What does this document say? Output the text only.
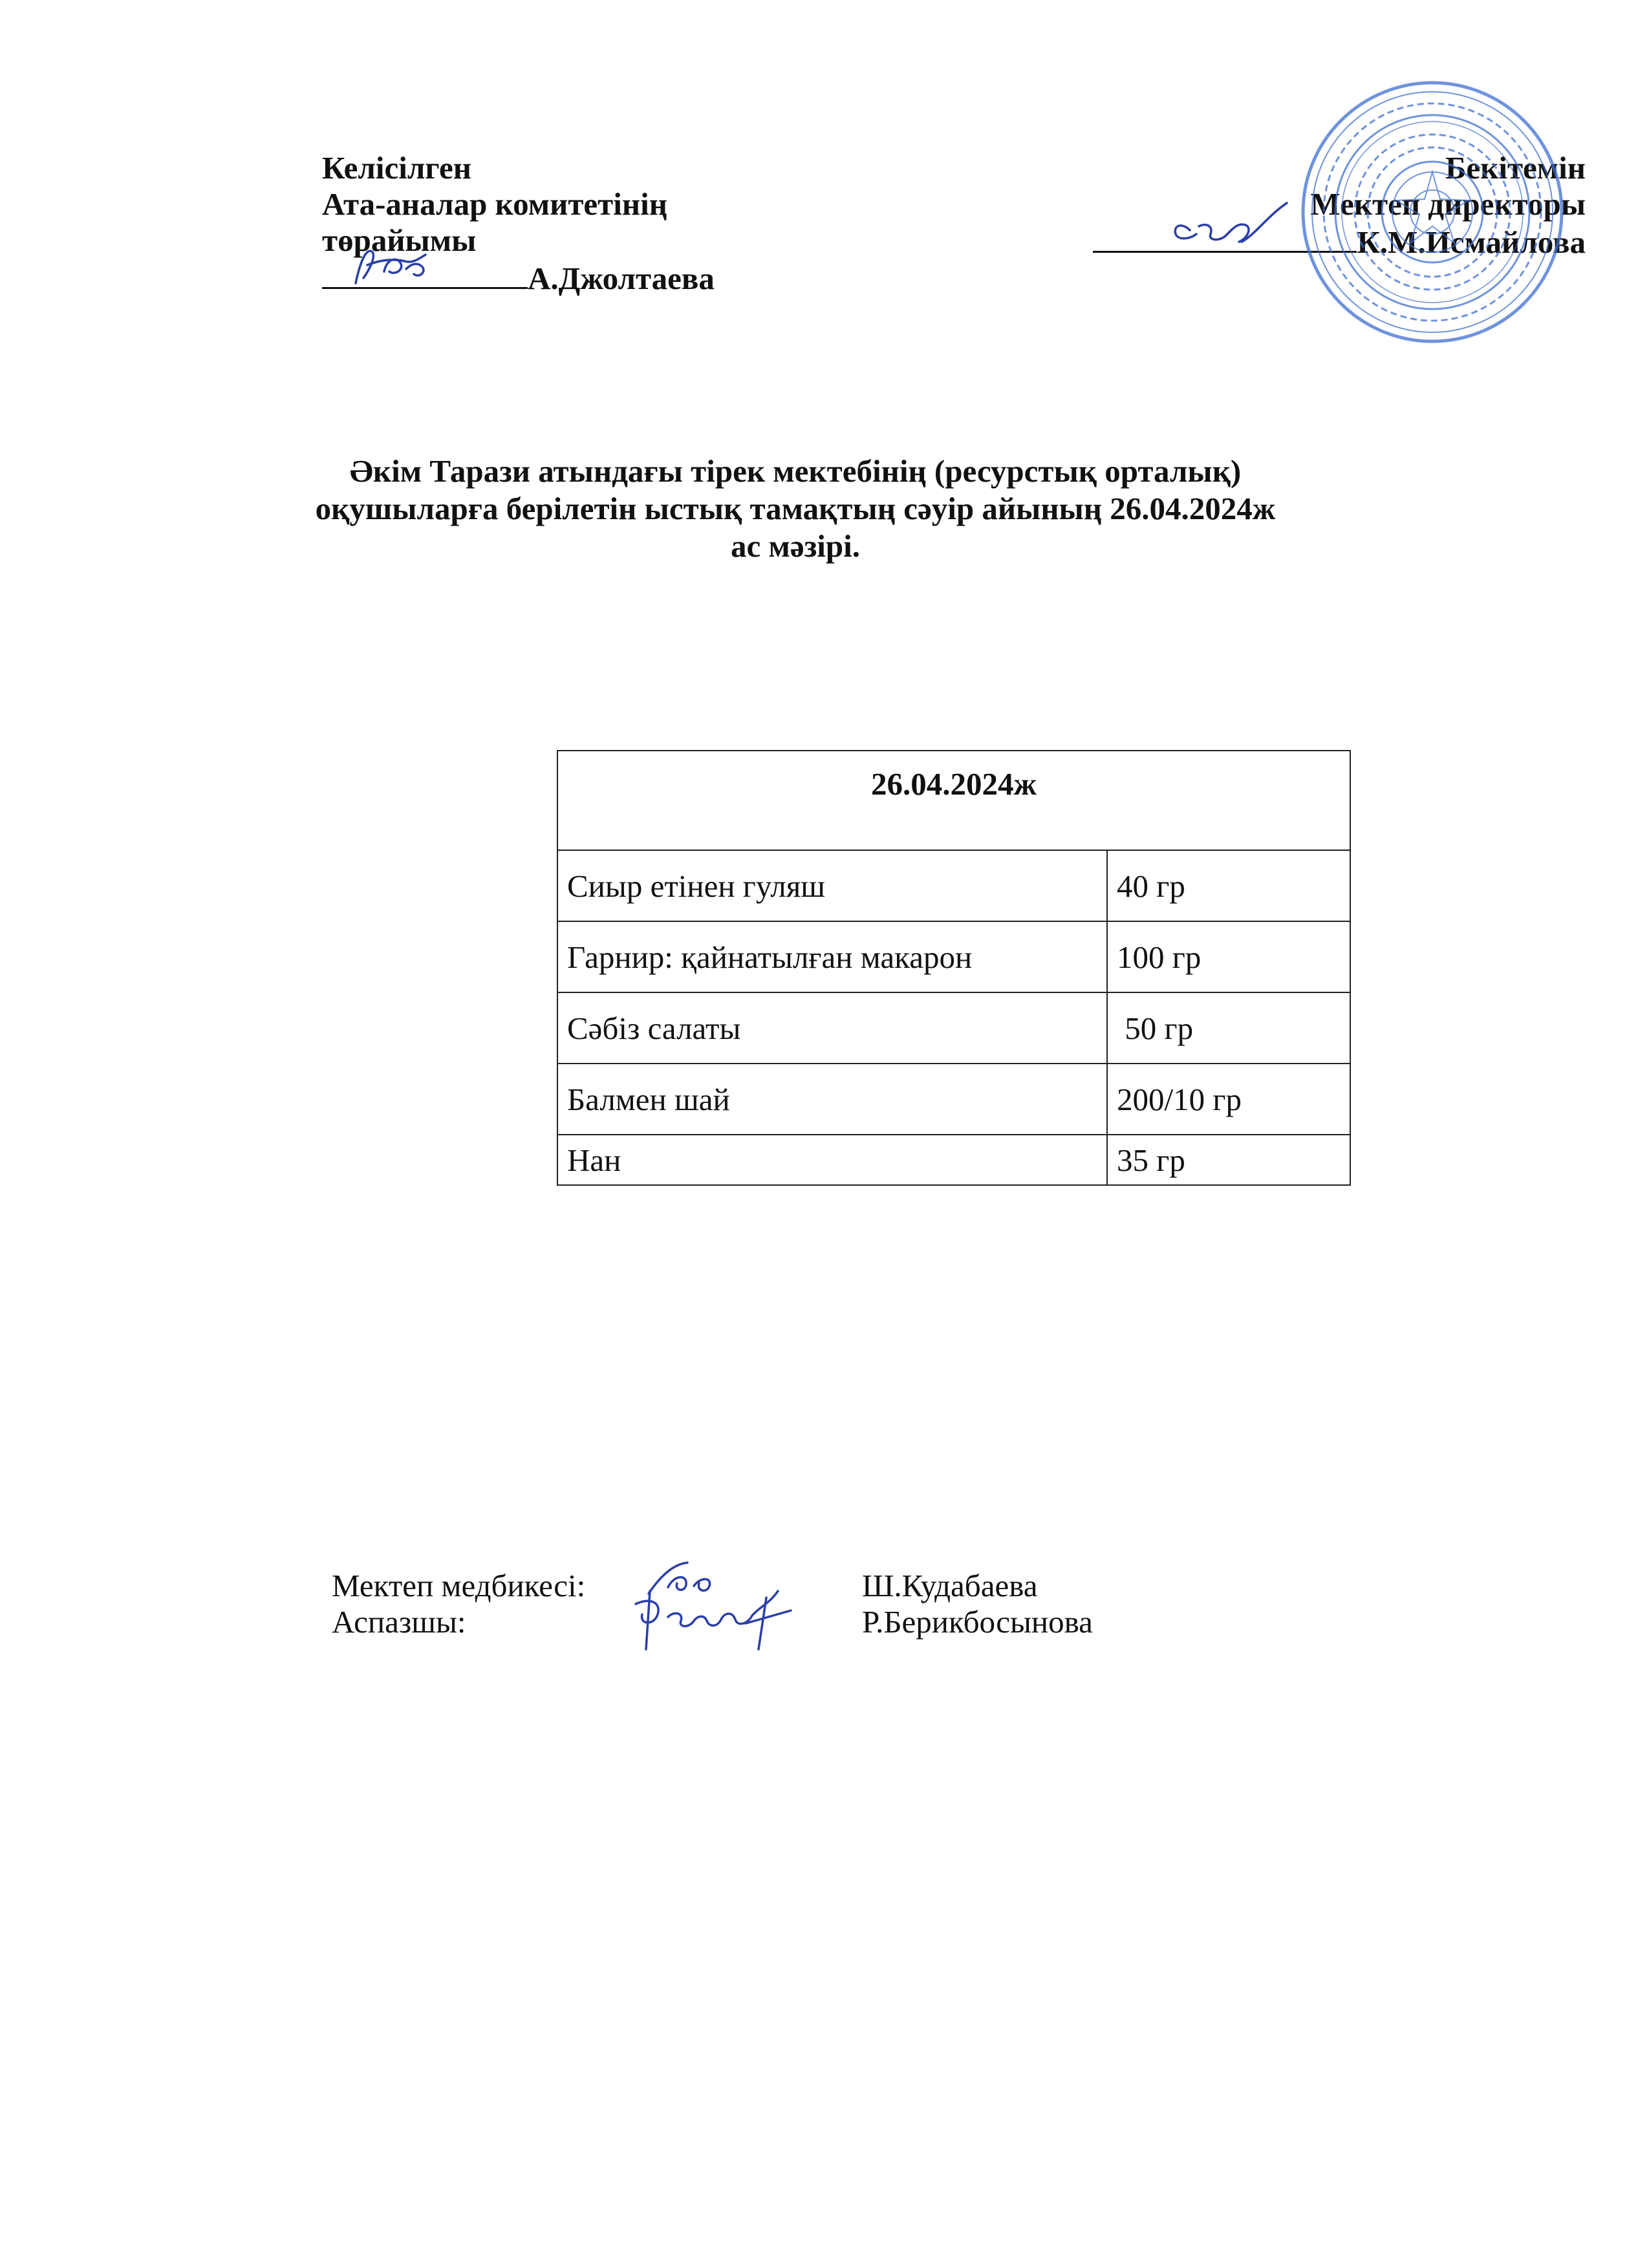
Келісілген
Ата-аналар комитетінің
төрайымы
А.Джолтаева
Бекітемін
Мектеп директоры
К.М.Исмайлова
Әкім Тарази атындағы тірек мектебінің (ресурстық орталық)
оқушыларға берілетін ыстық тамақтың сәуір айының 26.04.2024ж
ас мәзірі.
26.04.2024ж	
Сиыр етінен гуляш	40 гр
Гарнир: қайнатылған макарон	100 гр
Сәбіз салаты	50 гр
Балмен шай	200/10 гр
Нан	35 гр
Мектеп медбикесі:	Ш.Кудабаева
Аспазшы:	Р.Берикбосынова
